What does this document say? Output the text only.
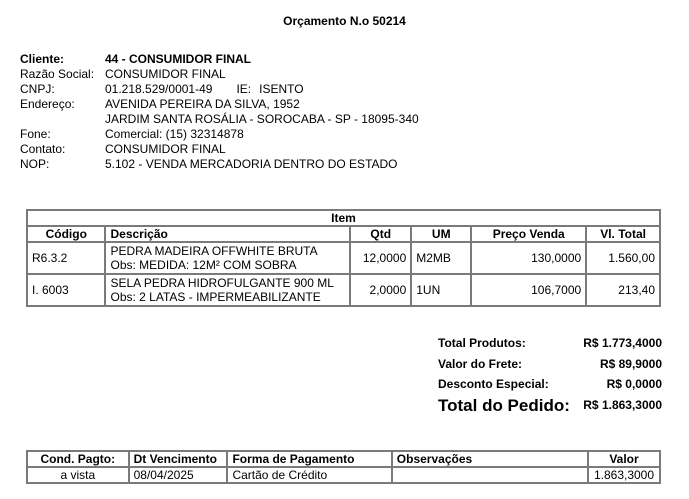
Orçamento N.o 50214
Cliente:	44 - CONSUMIDOR FINAL
Razão Social: CONSUMIDOR FINAL
CNPJ:	01.218.529/0001-49 IE: ISENTO
Endereço:	AVENIDA PEREIRA DA SILVA, 1952
JARDIM SANTA ROSÁLIA - SOROCABA - SP - 18095-340
Fone:	Comercial: (15) 32314878
Contato:	CONSUMIDOR FINAL
NOP:	5.102 - VENDA MERCADORIA DENTRO DO ESTADO
Item					
Código	Descrição	Qtd	UM	Preço Venda	Vl. Total
R6.3.2	PEDRA MADEIRA OFFWHITE BRUTA
Obs: MEDIDA: 12M² COM SOBRA	12,0000	M2MB	130,0000	1.560,00
I. 6003	SELA PEDRA HIDROFULGANTE 900 ML
Obs: 2 LATAS - IMPERMEABILIZANTE	2,0000	1UN	106,7000	213,40
Total Produtos:	R$ 1.773,4000
Valor do Frete:	R$ 89,9000
Desconto Especial:	R$ 0,0000
Total do Pedido: R$ 1.863,3000
Cond. Pagto:	Dt Vencimento	Forma de Pagamento	Observações	Valor
a vista	08/04/2025	Cartão de Crédito		1.863,3000
